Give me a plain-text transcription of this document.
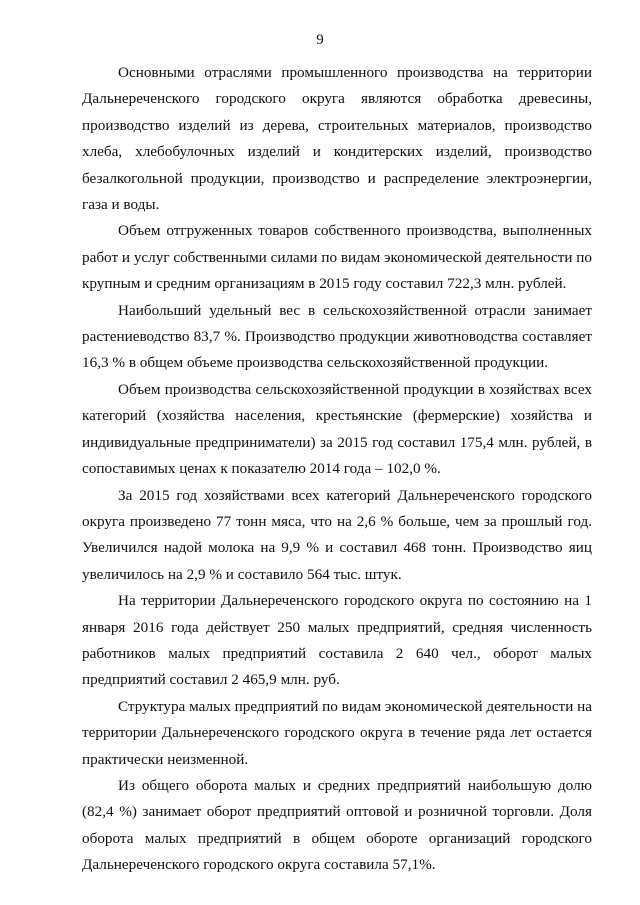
9

Основными отраслями промышленного производства на территории Дальнереченского городского округа являются обработка древесины, производство изделий из дерева, строительных материалов, производство хлеба, хлебобулочных изделий и кондитерских изделий, производство безалкогольной продукции, производство и распределение электроэнергии, газа и воды.

Объем отгруженных товаров собственного производства, выполненных работ и услуг собственными силами по видам экономической деятельности по крупным и средним организациям в 2015 году составил 722,3 млн. рублей.

Наибольший удельный вес в сельскохозяйственной отрасли занимает растениеводство 83,7 %. Производство продукции животноводства составляет 16,3 % в общем объеме производства сельскохозяйственной продукции.

Объем производства сельскохозяйственной продукции в хозяйствах всех категорий (хозяйства населения, крестьянские (фермерские) хозяйства и индивидуальные предприниматели) за 2015 год составил 175,4 млн. рублей, в сопоставимых ценах к показателю 2014 года – 102,0 %.

За 2015 год хозяйствами всех категорий Дальнереченского городского округа произведено 77 тонн мяса, что на 2,6 % больше, чем за прошлый год. Увеличился надой молока на 9,9 % и составил 468 тонн. Производство яиц увеличилось на 2,9 % и составило 564 тыс. штук.

На территории Дальнереченского городского округа по состоянию на 1 января 2016 года действует 250 малых предприятий, средняя численность работников малых предприятий составила 2 640 чел., оборот малых предприятий составил 2 465,9 млн. руб.

Структура малых предприятий по видам экономической деятельности на территории Дальнереченского городского округа в течение ряда лет остается практически неизменной.

Из общего оборота малых и средних предприятий наибольшую долю (82,4 %) занимает оборот предприятий оптовой и розничной торговли. Доля оборота малых предприятий в общем обороте организаций городского Дальнереченского городского округа составила 57,1%.
